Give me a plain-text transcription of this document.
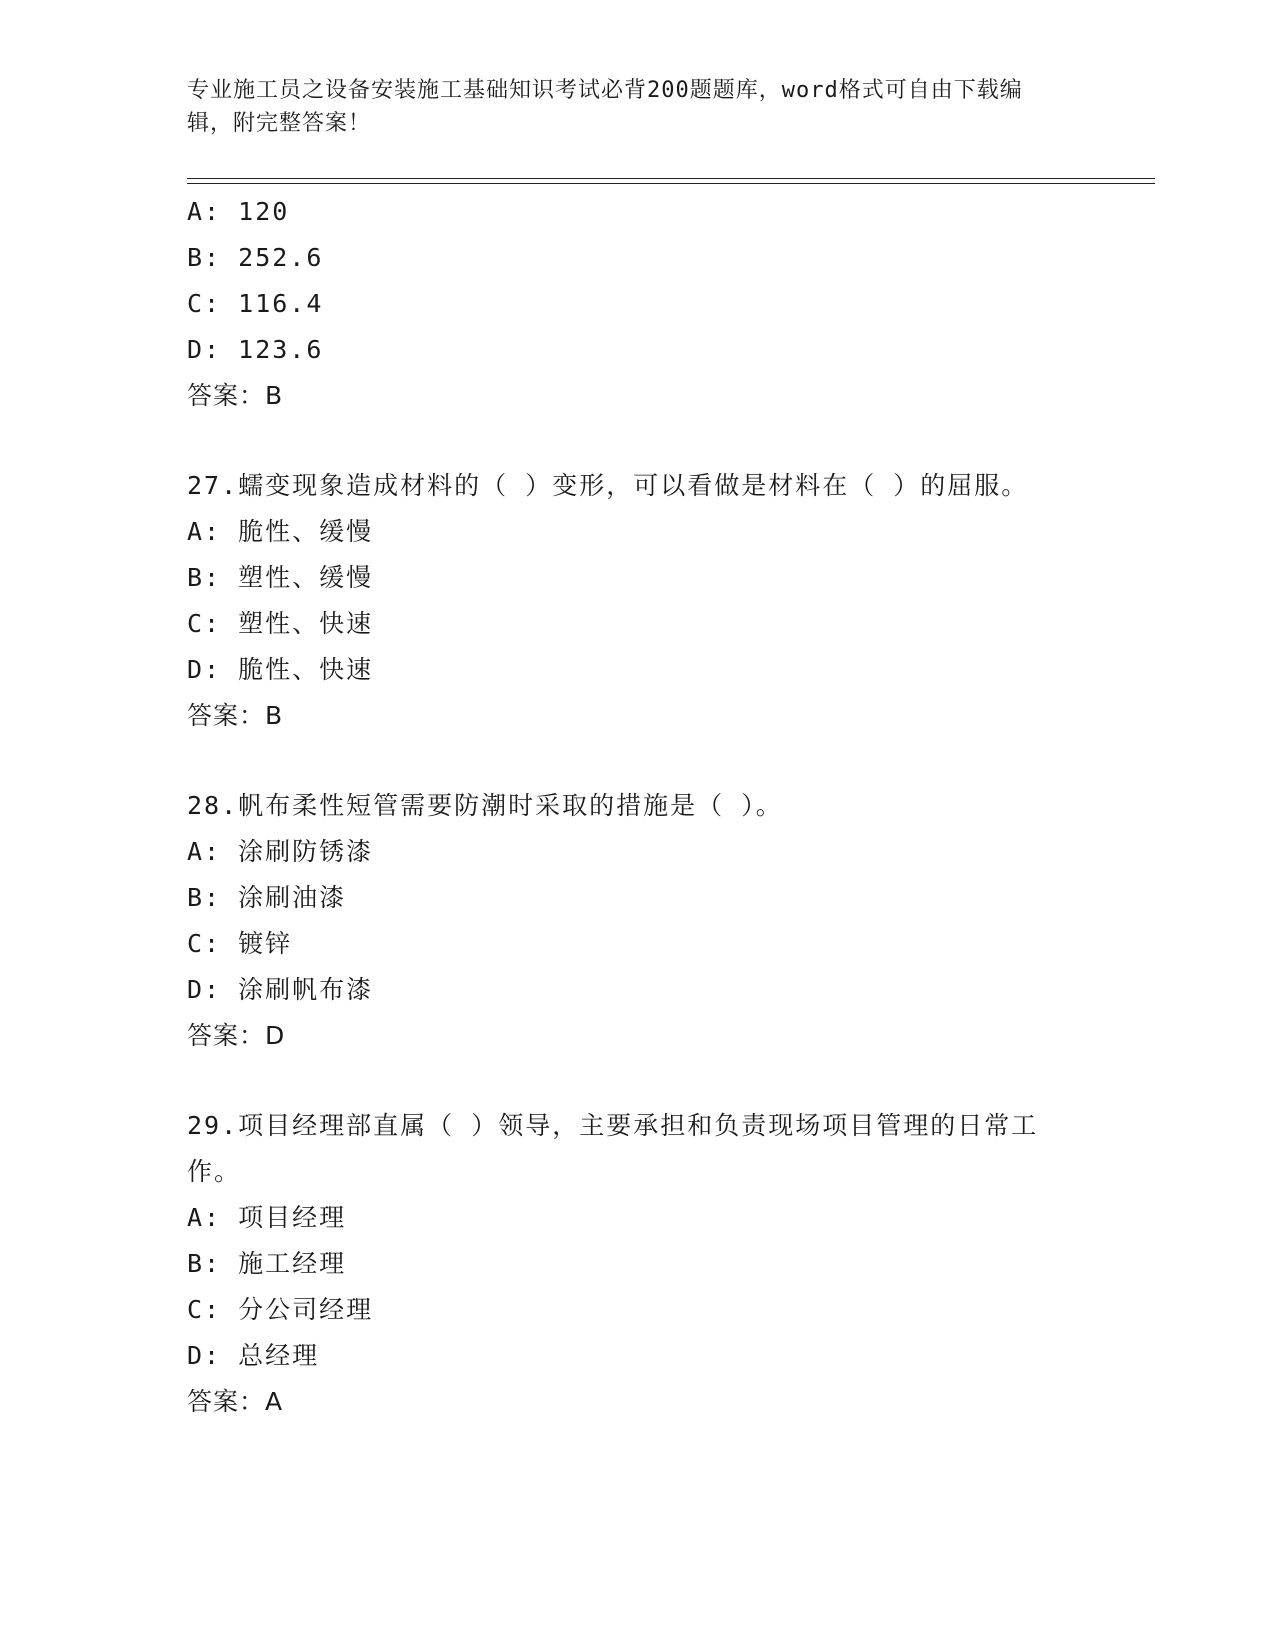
专业施工员之设备安装施工基础知识考试必背200题题库，word格式可自由下载编辑，附完整答案！
A: 120
B: 252.6
C: 116.4
D: 123.6
答案：B
27.蠕变现象造成材料的（ ）变形，可以看做是材料在（ ）的屈服。
A: 脆性、缓慢
B: 塑性、缓慢
C: 塑性、快速
D: 脆性、快速
答案：B
28.帆布柔性短管需要防潮时采取的措施是（ ）。
A: 涂刷防锈漆
B: 涂刷油漆
C: 镀锌
D: 涂刷帆布漆
答案：D
29.项目经理部直属（ ）领导，主要承担和负责现场项目管理的日常工作。
A: 项目经理
B: 施工经理
C: 分公司经理
D: 总经理
答案：A
